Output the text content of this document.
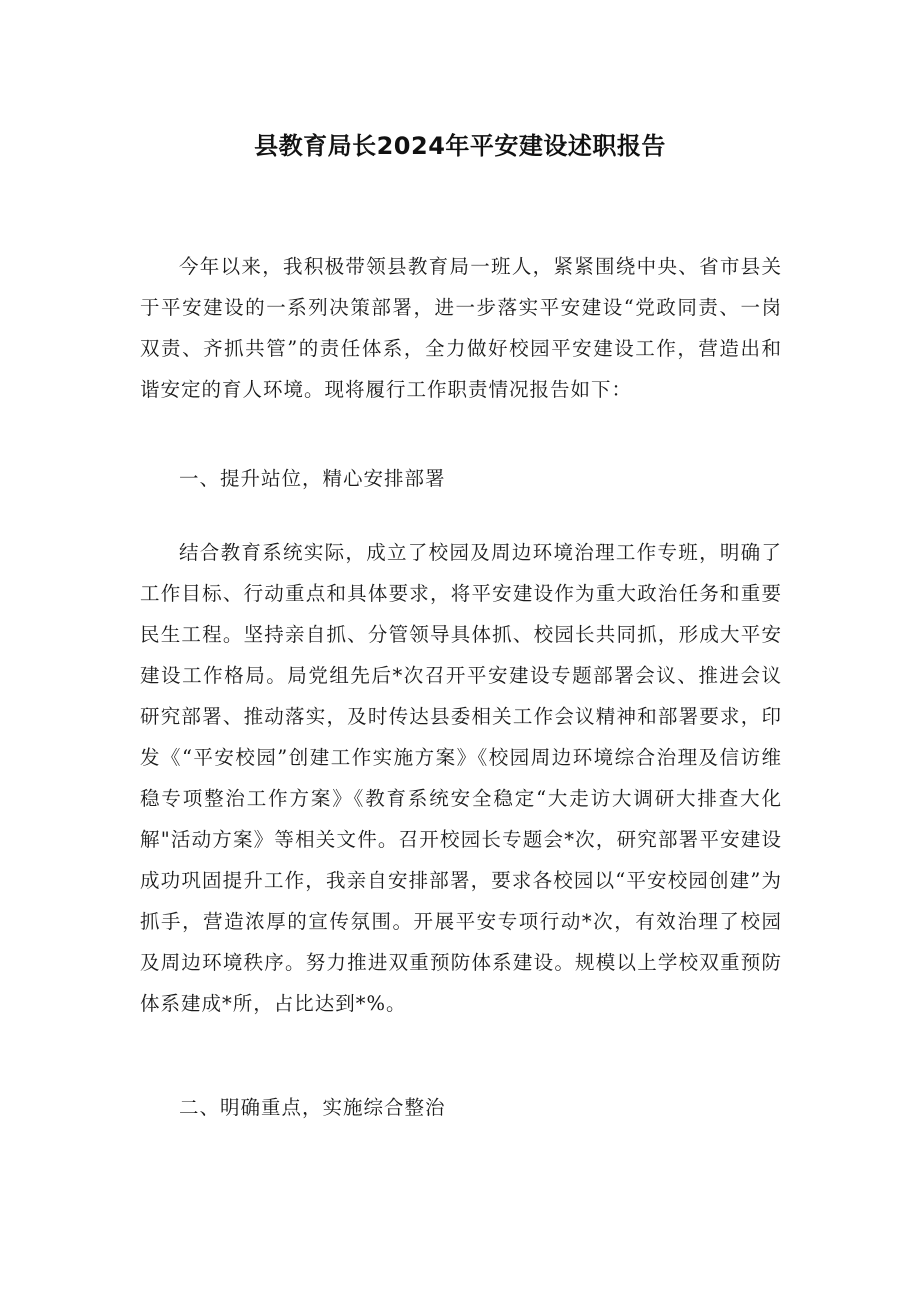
县教育局长2024年平安建设述职报告

今年以来，我积极带领县教育局一班人，紧紧围绕中央、省市县关于平安建设的一系列决策部署，进一步落实平安建设“党政同责、一岗双责、齐抓共管”的责任体系，全力做好校园平安建设工作，营造出和谐安定的育人环境。现将履行工作职责情况报告如下：

一、提升站位，精心安排部署

结合教育系统实际，成立了校园及周边环境治理工作专班，明确了工作目标、行动重点和具体要求，将平安建设作为重大政治任务和重要民生工程。坚持亲自抓、分管领导具体抓、校园长共同抓，形成大平安建设工作格局。局党组先后*次召开平安建设专题部署会议、推进会议研究部署、推动落实，及时传达县委相关工作会议精神和部署要求，印发《“平安校园”创建工作实施方案》《校园周边环境综合治理及信访维稳专项整治工作方案》《教育系统安全稳定“大走访大调研大排查大化解"活动方案》等相关文件。召开校园长专题会*次，研究部署平安建设成功巩固提升工作，我亲自安排部署，要求各校园以“平安校园创建”为抓手，营造浓厚的宣传氛围。开展平安专项行动*次，有效治理了校园及周边环境秩序。努力推进双重预防体系建设。规模以上学校双重预防体系建成*所，占比达到*%。

二、明确重点，实施综合整治
